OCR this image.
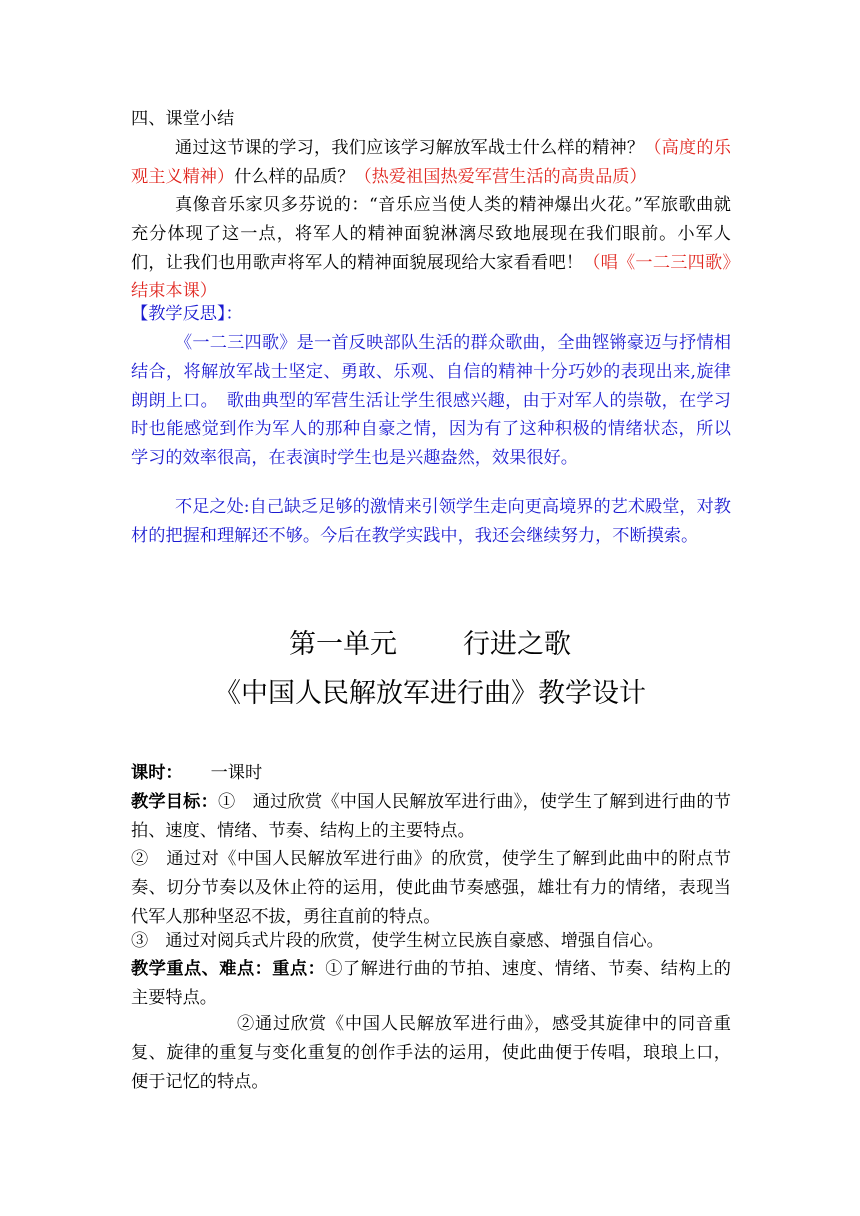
四、课堂小结
通过这节课的学习，我们应该学习解放军战士什么样的精神？（高度的乐观主义精神）什么样的品质？（热爱祖国热爱军营生活的高贵品质）
真像音乐家贝多芬说的：“音乐应当使人类的精神爆出火花。”军旅歌曲就充分体现了这一点，将军人的精神面貌淋漓尽致地展现在我们眼前。小军人们，让我们也用歌声将军人的精神面貌展现给大家看看吧！（唱《一二三四歌》结束本课）
【教学反思】：
《一二三四歌》是一首反映部队生活的群众歌曲，全曲铿锵豪迈与抒情相结合，将解放军战士坚定、勇敢、乐观、自信的精神十分巧妙的表现出来,旋律朗朗上口。　歌曲典型的军营生活让学生很感兴趣，由于对军人的崇敬，在学习时也能感觉到作为军人的那种自豪之情，因为有了这种积极的情绪状态，所以学习的效率很高，在表演时学生也是兴趣盎然，效果很好。
不足之处:自己缺乏足够的激情来引领学生走向更高境界的艺术殿堂，对教材的把握和理解还不够。今后在教学实践中，我还会继续努力，不断摸索。
第一单元 行进之歌
《中国人民解放军进行曲》教学设计
课时： 一课时
教学目标：①　通过欣赏《中国人民解放军进行曲》，使学生了解到进行曲的节拍、速度、情绪、节奏、结构上的主要特点。
②　通过对《中国人民解放军进行曲》的欣赏，使学生了解到此曲中的附点节奏、切分节奏以及休止符的运用，使此曲节奏感强，雄壮有力的情绪，表现当代军人那种坚忍不拔，勇往直前的特点。
③　通过对阅兵式片段的欣赏，使学生树立民族自豪感、增强自信心。
教学重点、难点：重点：①了解进行曲的节拍、速度、情绪、节奏、结构上的主要特点。
②通过欣赏《中国人民解放军进行曲》，感受其旋律中的同音重复、旋律的重复与变化重复的创作手法的运用，使此曲便于传唱，琅琅上口，便于记忆的特点。
